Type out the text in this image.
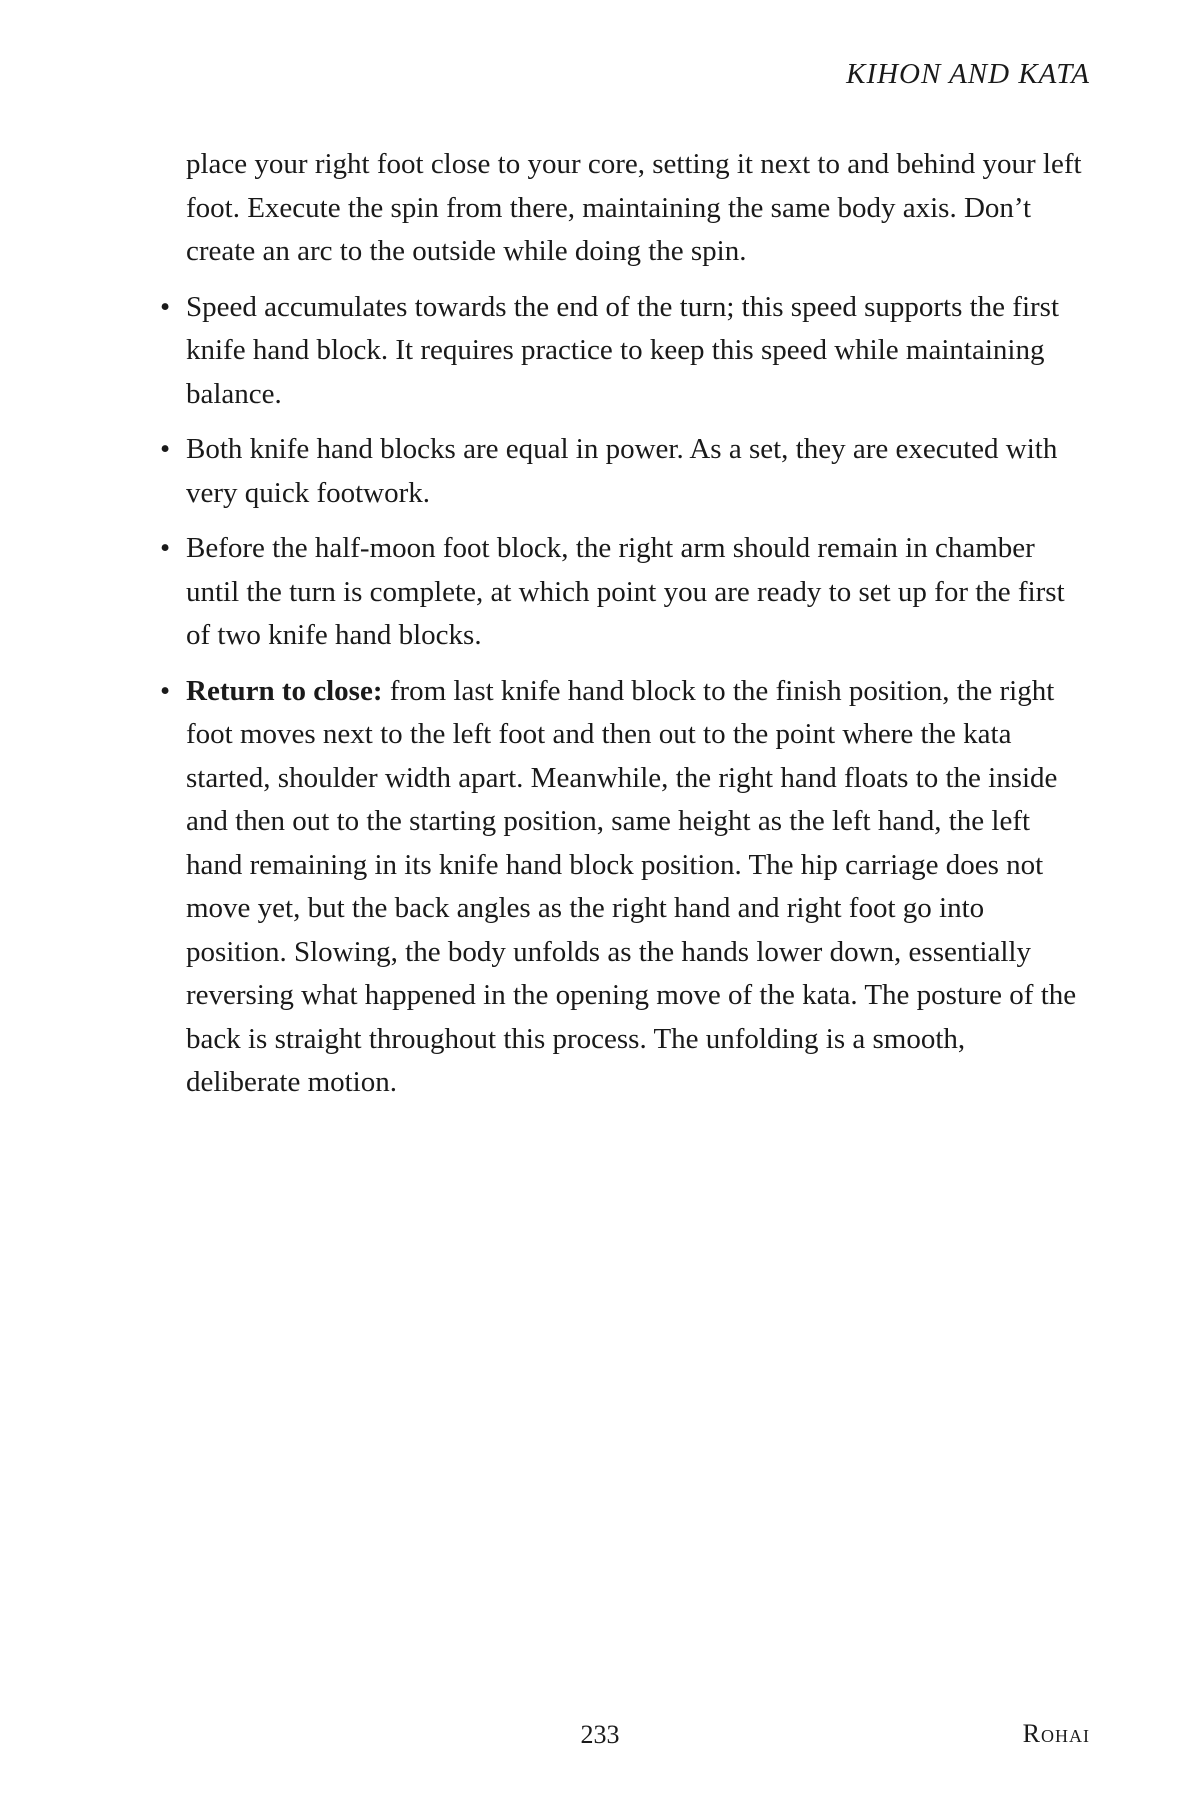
KIHON AND KATA

place your right foot close to your core, setting it next to and behind your left foot. Execute the spin from there, maintaining the same body axis. Don’t create an arc to the outside while doing the spin.

• Speed accumulates towards the end of the turn; this speed supports the first knife hand block. It requires practice to keep this speed while maintaining balance.
• Both knife hand blocks are equal in power. As a set, they are executed with very quick footwork.
• Before the half-moon foot block, the right arm should remain in chamber until the turn is complete, at which point you are ready to set up for the first of two knife hand blocks.
• Return to close: from last knife hand block to the finish position, the right foot moves next to the left foot and then out to the point where the kata started, shoulder width apart. Meanwhile, the right hand floats to the inside and then out to the starting position, same height as the left hand, the left hand remaining in its knife hand block position. The hip carriage does not move yet, but the back angles as the right hand and right foot go into position. Slowing, the body unfolds as the hands lower down, essentially reversing what happened in the opening move of the kata. The posture of the back is straight throughout this process. The unfolding is a smooth, deliberate motion.
233	Rohai
